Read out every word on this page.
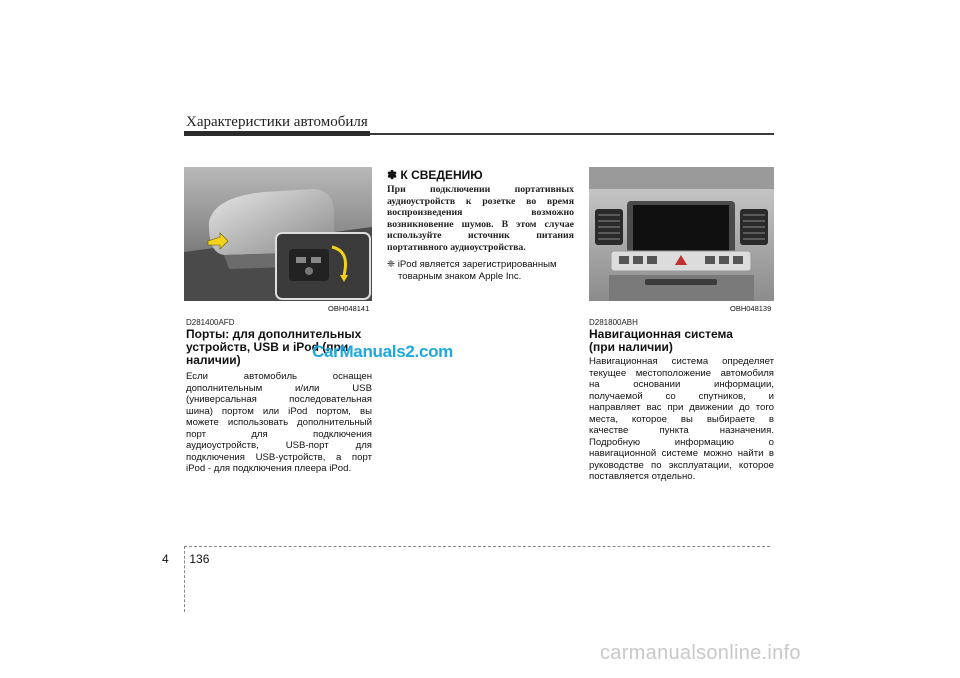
Характеристики автомобиля
OBH048141
D281400AFD
Порты: для дополнительных
устройств, USB и iPod (при
наличии)
Если автомобиль оснащен
дополнительным и/или USB
(универсальная последовательная
шина) портом или iPod портом, вы
можете использовать дополнительный
порт для подключения
аудиоустройств, USB-порт для
подключения USB-устройств, а порт
iPod - для подключения плеера iPod.
CarManuals2.com
✽ К СВЕДЕНИЮ
При подключении портативных
аудиоустройств к розетке во время
воспроизведения возможно
возникновение шумов. В этом случае
используйте источник питания
портативного аудиоустройства.
❈ iPod является зарегистрированным
товарным знаком Apple Inc.
OBH048139
D281800ABH
Навигационная система
(при наличии)
Навигационная система определяет
текущее местоположение автомобиля
на основании информации,
получаемой со спутников, и
направляет вас при движении до того
места, которое вы выбираете в
качестве пункта назначения.
Подробную информацию о
навигационной системе можно найти в
руководстве по эксплуатации, которое
поставляется отдельно.
4 136
carmanualsonline.info
